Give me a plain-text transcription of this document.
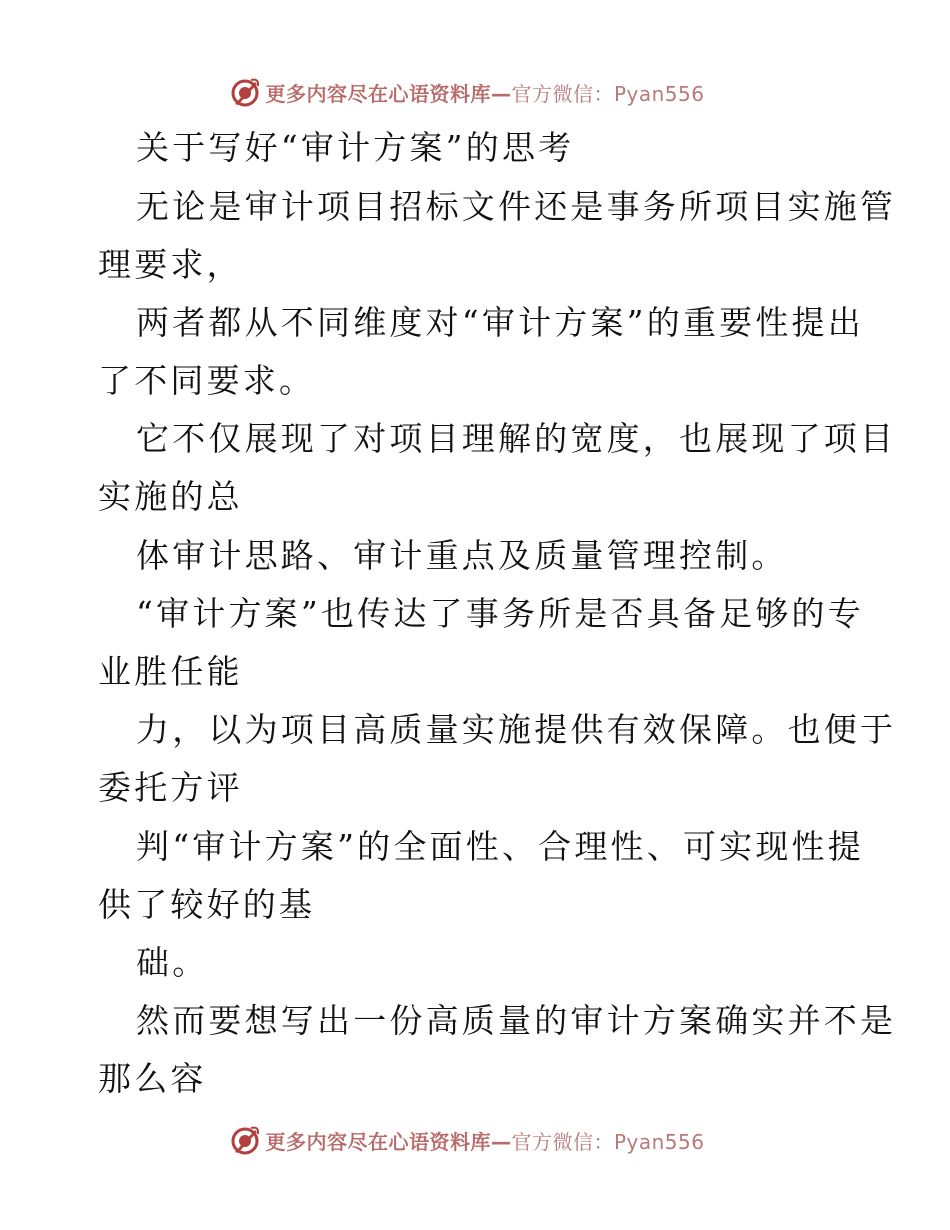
更多内容尽在心语资料库—官方微信：Pyan556
关于写好“审计方案”的思考
无论是审计项目招标文件还是事务所项目实施管
理要求，
两者都从不同维度对“审计方案”的重要性提出
了不同要求。
它不仅展现了对项目理解的宽度，也展现了项目
实施的总
体审计思路、审计重点及质量管理控制。
“审计方案”也传达了事务所是否具备足够的专
业胜任能
力，以为项目高质量实施提供有效保障。也便于
委托方评
判“审计方案”的全面性、合理性、可实现性提
供了较好的基
础。
然而要想写出一份高质量的审计方案确实并不是
那么容
更多内容尽在心语资料库—官方微信：Pyan556
